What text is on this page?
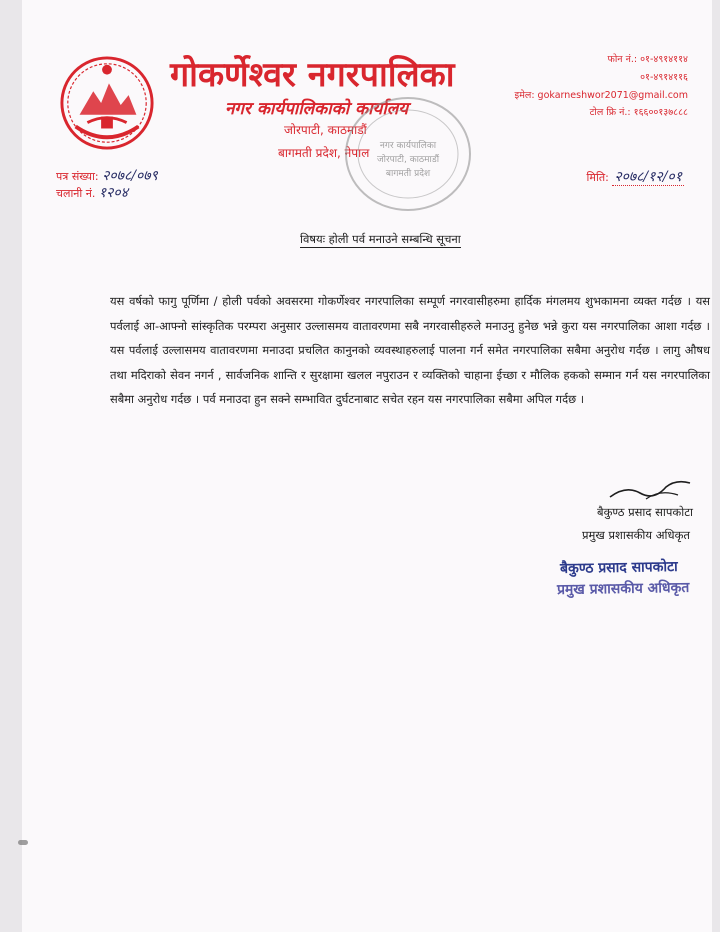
गोकर्णेश्वर नगरपालिका
नगर कार्यपालिकाको कार्यालय
जोरपाटी, काठमाडौं
बागमती प्रदेश, नेपाल
फोन नं.: ०१-४९१४११४
०१-४९१४११६
इमेल: gokarneshwor2071@gmail.com
टोल फ्रि नं.: १६६००१३७८८८
नगर कार्यपालिका
जोरपाटी, काठमाडौं
बागमती प्रदेश
पत्र संख्या: २०७८/०७९
चलानी नं. १२०४
मिति: २०७८/१२/०१
विषयः होली पर्व मनाउने सम्बन्धि सूचना
यस वर्षको फागु पूर्णिमा / होली पर्वको अवसरमा गोकर्णेश्वर नगरपालिका सम्पूर्ण नगरवासीहरुमा हार्दिक मंगलमय शुभकामना व्यक्त गर्दछ । यस पर्वलाई आ-आफ्नो सांस्कृतिक परम्परा अनुसार उल्लासमय वातावरणमा सबै नगरवासीहरुले मनाउनु हुनेछ भन्ने कुरा यस नगरपालिका आशा गर्दछ । यस पर्वलाई उल्लासमय वातावरणमा मनाउदा प्रचलित कानुनको व्यवस्थाहरुलाई पालना गर्न समेत नगरपालिका सबैमा अनुरोध गर्दछ । लागु औषध तथा मदिराको सेवन नगर्न , सार्वजनिक शान्ति र सुरक्षामा खलल नपुराउन र व्यक्तिको चाहाना ईच्छा र मौलिक हकको सम्मान गर्न यस नगरपालिका सबैमा अनुरोध गर्दछ । पर्व मनाउदा हुन सक्ने सम्भावित दुर्घटनाबाट सचेत रहन यस नगरपालिका सबैमा अपिल गर्दछ ।
बैकुण्ठ प्रसाद सापकोटा
प्रमुख प्रशासकीय अधिकृत
बैकुण्ठ प्रसाद सापकोटा
प्रमुख प्रशासकीय अधिकृत
